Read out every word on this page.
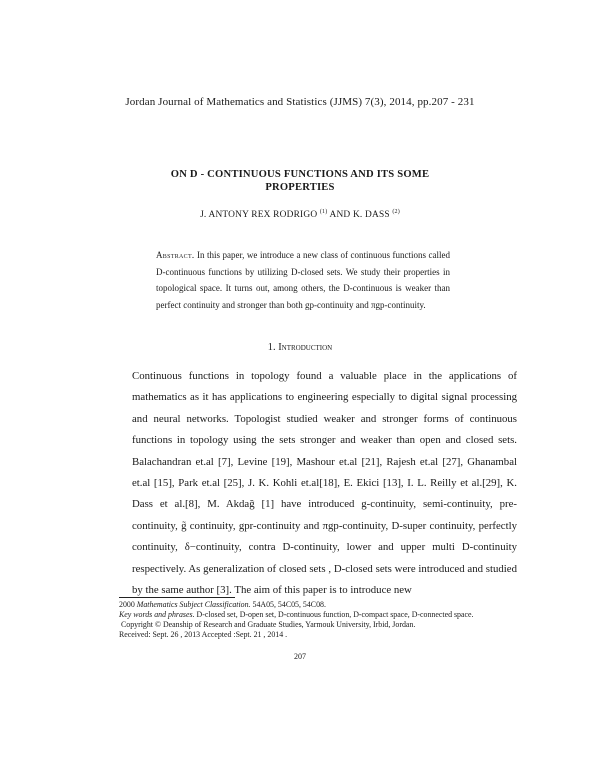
Jordan Journal of Mathematics and Statistics (JJMS) 7(3), 2014, pp.207 - 231
ON D - CONTINUOUS FUNCTIONS AND ITS SOME
PROPERTIES
J. ANTONY REX RODRIGO $^{(1)}$ AND K. DASS $^{(2)}$
Abstract. In this paper, we introduce a new class of continuous functions called D-continuous functions by utilizing D-closed sets. We study their properties in topological space. It turns out, among others, the D-continuous is weaker than perfect continuity and stronger than both gp-continuity and πgp-continuity.
1. Introduction

Continuous functions in topology found a valuable place in the applications of mathematics as it has applications to engineering especially to digital signal processing and neural networks. Topologist studied weaker and stronger forms of continuous functions in topology using the sets stronger and weaker than open and closed sets. Balachandran et.al [7], Levine [19], Mashour et.al [21], Rajesh et.al [27], Ghanambal et.al [15], Park et.al [25], J. K. Kohli et.al[18], E. Ekici [13], I. L. Reilly et al.[29], K. Dass et al.[8], M. Akdağ [1] have introduced g-continuity, semi-continuity, pre-continuity, g̃ continuity, gpr-continuity and πgp-continuity, D-super continuity, perfectly continuity, δ−continuity, contra D-continuity, lower and upper multi D-continuity respectively. As generalization of closed sets , D-closed sets were introduced and studied by the same author [3]. The aim of this paper is to introduce new

2000 Mathematics Subject Classification. 54A05, 54C05, 54C08.
Key words and phrases. D-closed set, D-open set, D-continuous function, D-compact space, D-connected space.
Copyright © Deanship of Research and Graduate Studies, Yarmouk University, Irbid, Jordan.
Received: Sept. 26 , 2013 Accepted :Sept. 21 , 2014 .
207
